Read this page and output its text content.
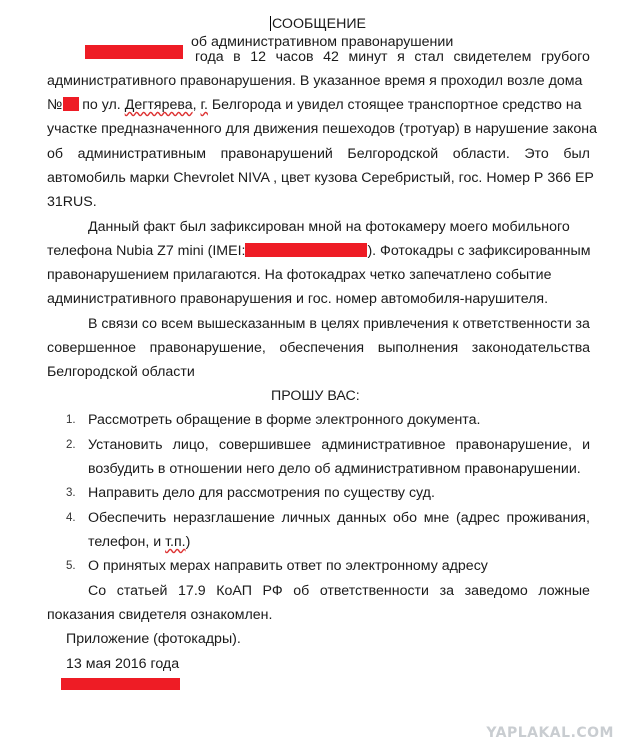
СООБЩЕНИЕ
об административном правонарушении
года в 12 часов 42 минут я стал свидетелем грубого
административного правонарушения. В указанное время я проходил возле дома
№ по ул. Дегтярева, г. Белгорода и увидел стоящее транспортное средство на
участке предназначенного для движения пешеходов (тротуар) в нарушение закона
об административным правонарушений Белгородской области. Это был
автомобиль марки Chevrolet NIVA , цвет кузова Серебристый, гос. Номер Р 366 ЕР
31RUS.
Данный факт был зафиксирован мной на фотокамеру моего мобильного
телефона Nubia Z7 mini (IMEI:	). Фотокадры с зафиксированным
правонарушением прилагаются. На фотокадрах четко запечатлено событие
административного правонарушения и гос. номер автомобиля-нарушителя.
В связи со всем вышесказанным в целях привлечения к ответственности за
совершенное правонарушение, обеспечения выполнения законодательства
Белгородской области
ПРОШУ ВАС:
1. Рассмотреть обращение в форме электронного документа.
2. Установить лицо, совершившее административное правонарушение, и
возбудить в отношении него дело об административном правонарушении.
3. Направить дело для рассмотрения по существу суд.
4. Обеспечить неразглашение личных данных обо мне (адрес проживания,
телефон, и т.п.)
5. О принятых мерах направить ответ по электронному адресу
Со статьей 17.9 КоАП РФ об ответственности за заведомо ложные
показания свидетеля ознакомлен.
Приложение (фотокадры).
13 мая 2016 года
YAPLAKAL.COM
